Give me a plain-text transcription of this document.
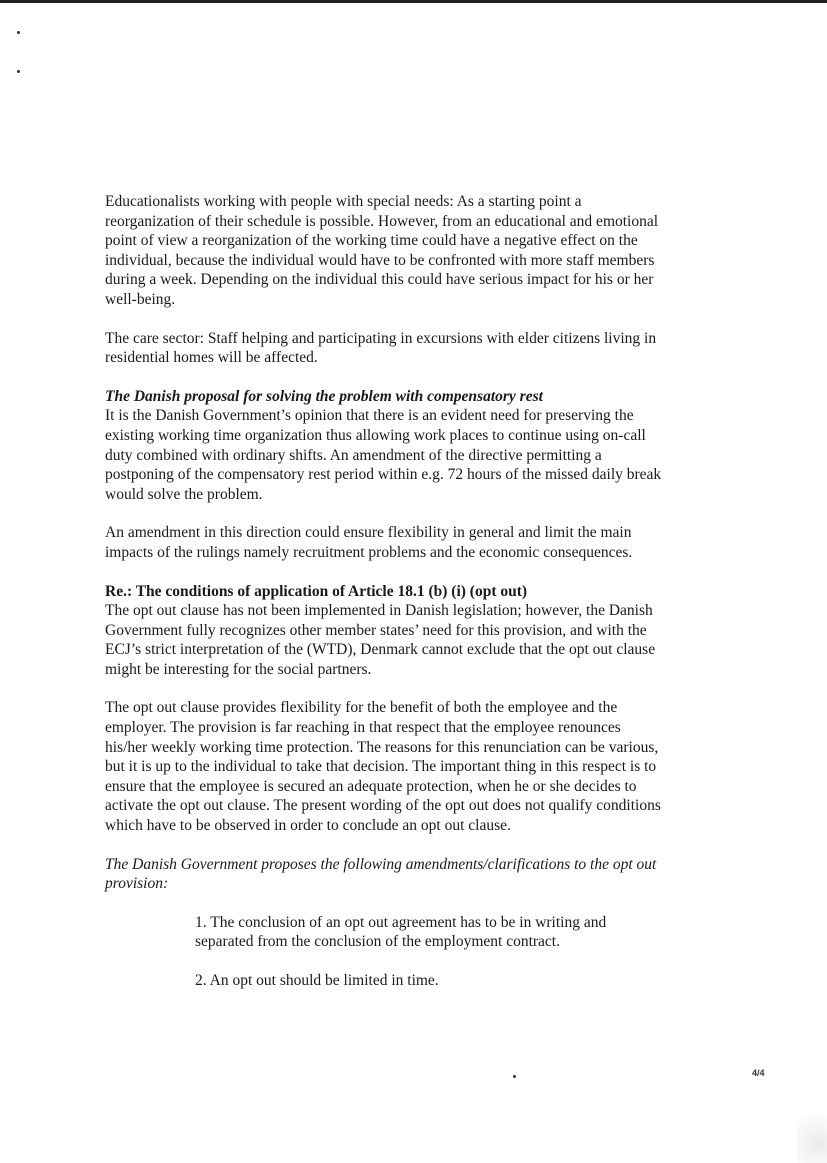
Educationalists working with people with special needs: As a starting point a reorganization of their schedule is possible. However, from an educational and emotional point of view a reorganization of the working time could have a negative effect on the individual, because the individual would have to be confronted with more staff members during a week. Depending on the individual this could have serious impact for his or her well-being.

The care sector: Staff helping and participating in excursions with elder citizens living in residential homes will be affected.

The Danish proposal for solving the problem with compensatory rest
It is the Danish Government’s opinion that there is an evident need for preserving the existing working time organization thus allowing work places to continue using on-call duty combined with ordinary shifts. An amendment of the directive permitting a postponing of the compensatory rest period within e.g. 72 hours of the missed daily break would solve the problem.

An amendment in this direction could ensure flexibility in general and limit the main impacts of the rulings namely recruitment problems and the economic consequences.

Re.: The conditions of application of Article 18.1 (b) (i) (opt out)
The opt out clause has not been implemented in Danish legislation; however, the Danish Government fully recognizes other member states’ need for this provision, and with the ECJ’s strict interpretation of the (WTD), Denmark cannot exclude that the opt out clause might be interesting for the social partners.

The opt out clause provides flexibility for the benefit of both the employee and the employer. The provision is far reaching in that respect that the employee renounces his/her weekly working time protection. The reasons for this renunciation can be various, but it is up to the individual to take that decision. The important thing in this respect is to ensure that the employee is secured an adequate protection, when he or she decides to activate the opt out clause. The present wording of the opt out does not qualify conditions which have to be observed in order to conclude an opt out clause.

The Danish Government proposes the following amendments/clarifications to the opt out provision:

1. The conclusion of an opt out agreement has to be in writing and separated from the conclusion of the employment contract.
2. An opt out should be limited in time.
4/4
